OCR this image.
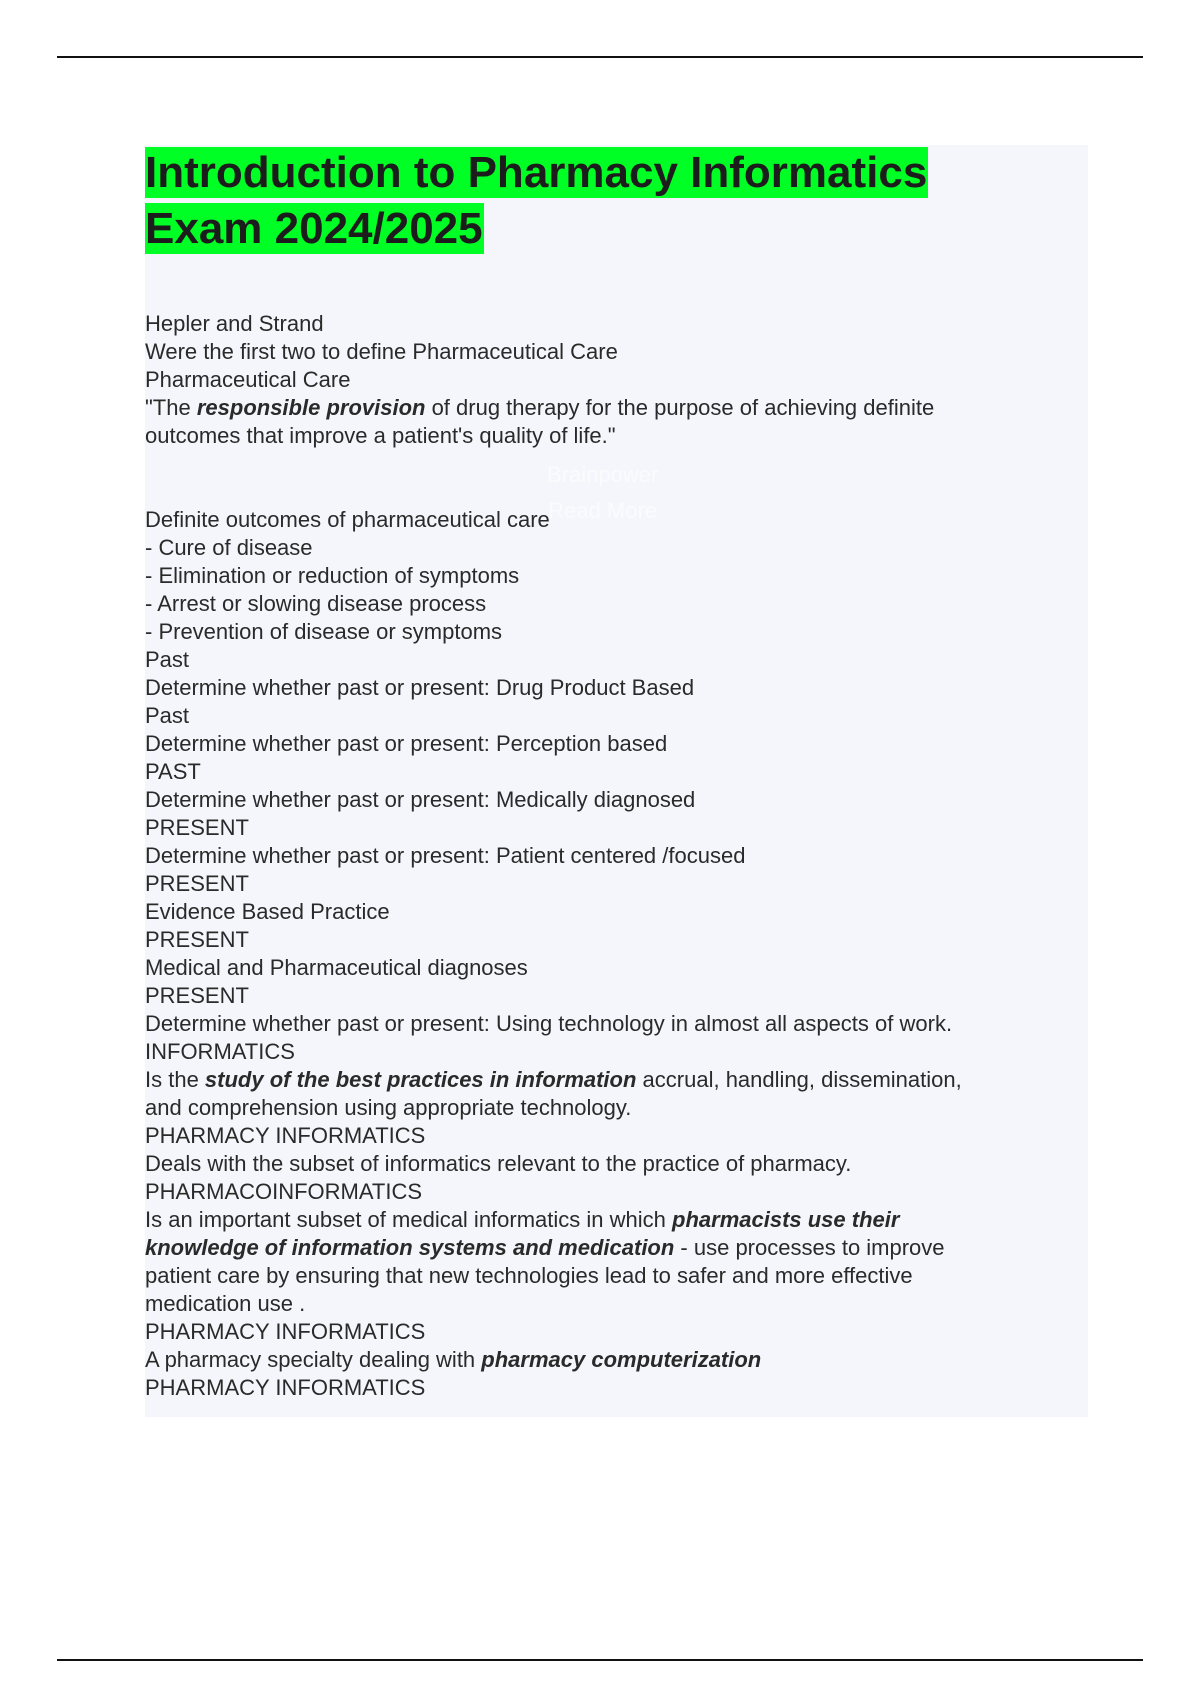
Introduction to Pharmacy Informatics
Exam 2024/2025
Brainpower
Read More
Hepler and Strand
Were the first two to define Pharmaceutical Care
Pharmaceutical Care
"The responsible provision of drug therapy for the purpose of achieving definite
outcomes that improve a patient's quality of life."
Definite outcomes of pharmaceutical care
- Cure of disease
- Elimination or reduction of symptoms
- Arrest or slowing disease process
- Prevention of disease or symptoms
Past
Determine whether past or present: Drug Product Based
Past
Determine whether past or present: Perception based
PAST
Determine whether past or present: Medically diagnosed
PRESENT
Determine whether past or present: Patient centered /focused
PRESENT
Evidence Based Practice
PRESENT
Medical and Pharmaceutical diagnoses
PRESENT
Determine whether past or present: Using technology in almost all aspects of work.
INFORMATICS
Is the study of the best practices in information accrual, handling, dissemination,
and comprehension using appropriate technology.
PHARMACY INFORMATICS
Deals with the subset of informatics relevant to the practice of pharmacy.
PHARMACOINFORMATICS
Is an important subset of medical informatics in which pharmacists use their
knowledge of information systems and medication - use processes to improve
patient care by ensuring that new technologies lead to safer and more effective
medication use .
PHARMACY INFORMATICS
A pharmacy specialty dealing with pharmacy computerization
PHARMACY INFORMATICS
